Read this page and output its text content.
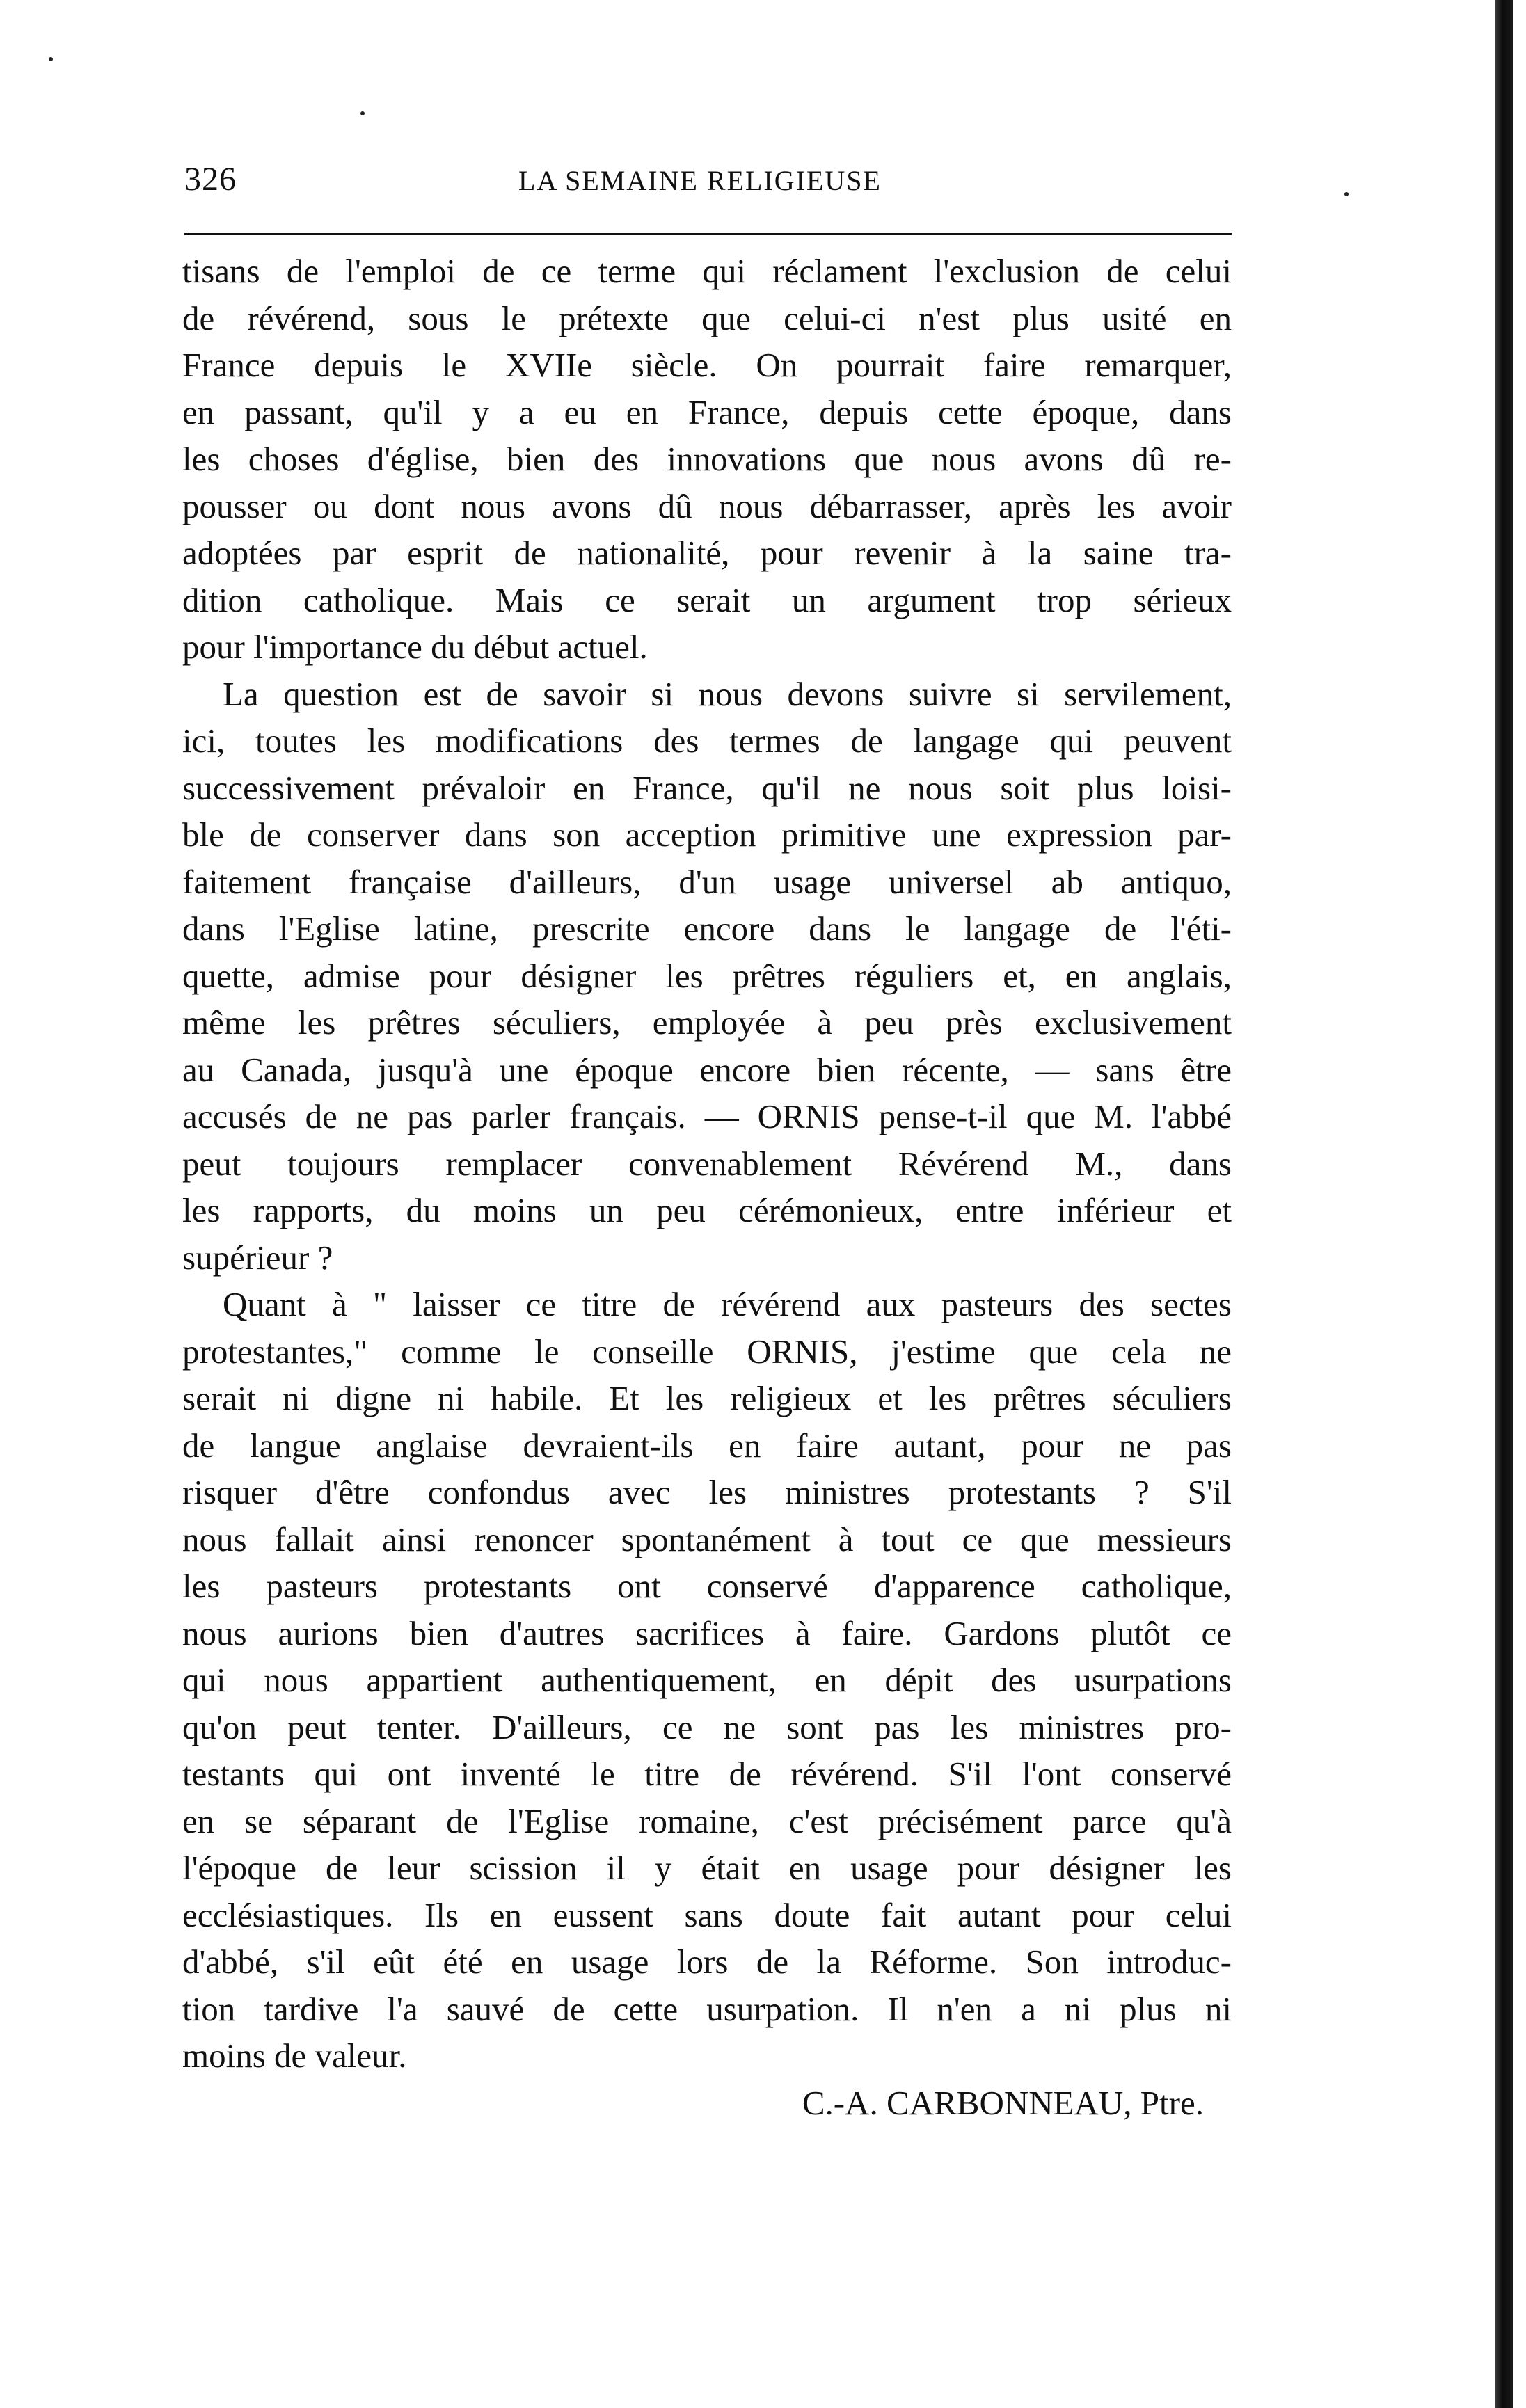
326	LA SEMAINE RELIGIEUSE
tisans de l'emploi de ce terme qui réclament l'exclusion de celui
de révérend, sous le prétexte que celui-ci n'est plus usité en
France depuis le XVIIe siècle. On pourrait faire remarquer,
en passant, qu'il y a eu en France, depuis cette époque, dans
les choses d'église, bien des innovations que nous avons dû re-
pousser ou dont nous avons dû nous débarrasser, après les avoir
adoptées par esprit de nationalité, pour revenir à la saine tra-
dition catholique. Mais ce serait un argument trop sérieux
pour l'importance du début actuel.
La question est de savoir si nous devons suivre si servilement,
ici, toutes les modifications des termes de langage qui peuvent
successivement prévaloir en France, qu'il ne nous soit plus loisi-
ble de conserver dans son acception primitive une expression par-
faitement française d'ailleurs, d'un usage universel ab antiquo,
dans l'Eglise latine, prescrite encore dans le langage de l'éti-
quette, admise pour désigner les prêtres réguliers et, en anglais,
même les prêtres séculiers, employée à peu près exclusivement
au Canada, jusqu'à une époque encore bien récente, — sans être
accusés de ne pas parler français. — ORNIS pense-t-il que M. l'abbé
peut toujours remplacer convenablement Révérend M., dans
les rapports, du moins un peu cérémonieux, entre inférieur et
supérieur ?
Quant à " laisser ce titre de révérend aux pasteurs des sectes
protestantes," comme le conseille ORNIS, j'estime que cela ne
serait ni digne ni habile. Et les religieux et les prêtres séculiers
de langue anglaise devraient-ils en faire autant, pour ne pas
risquer d'être confondus avec les ministres protestants ? S'il
nous fallait ainsi renoncer spontanément à tout ce que messieurs
les pasteurs protestants ont conservé d'apparence catholique,
nous aurions bien d'autres sacrifices à faire. Gardons plutôt ce
qui nous appartient authentiquement, en dépit des usurpations
qu'on peut tenter. D'ailleurs, ce ne sont pas les ministres pro-
testants qui ont inventé le titre de révérend. S'il l'ont conservé
en se séparant de l'Eglise romaine, c'est précisément parce qu'à
l'époque de leur scission il y était en usage pour désigner les
ecclésiastiques. Ils en eussent sans doute fait autant pour celui
d'abbé, s'il eût été en usage lors de la Réforme. Son introduc-
tion tardive l'a sauvé de cette usurpation. Il n'en a ni plus ni
moins de valeur.
C.-A. CARBONNEAU, Ptre.
